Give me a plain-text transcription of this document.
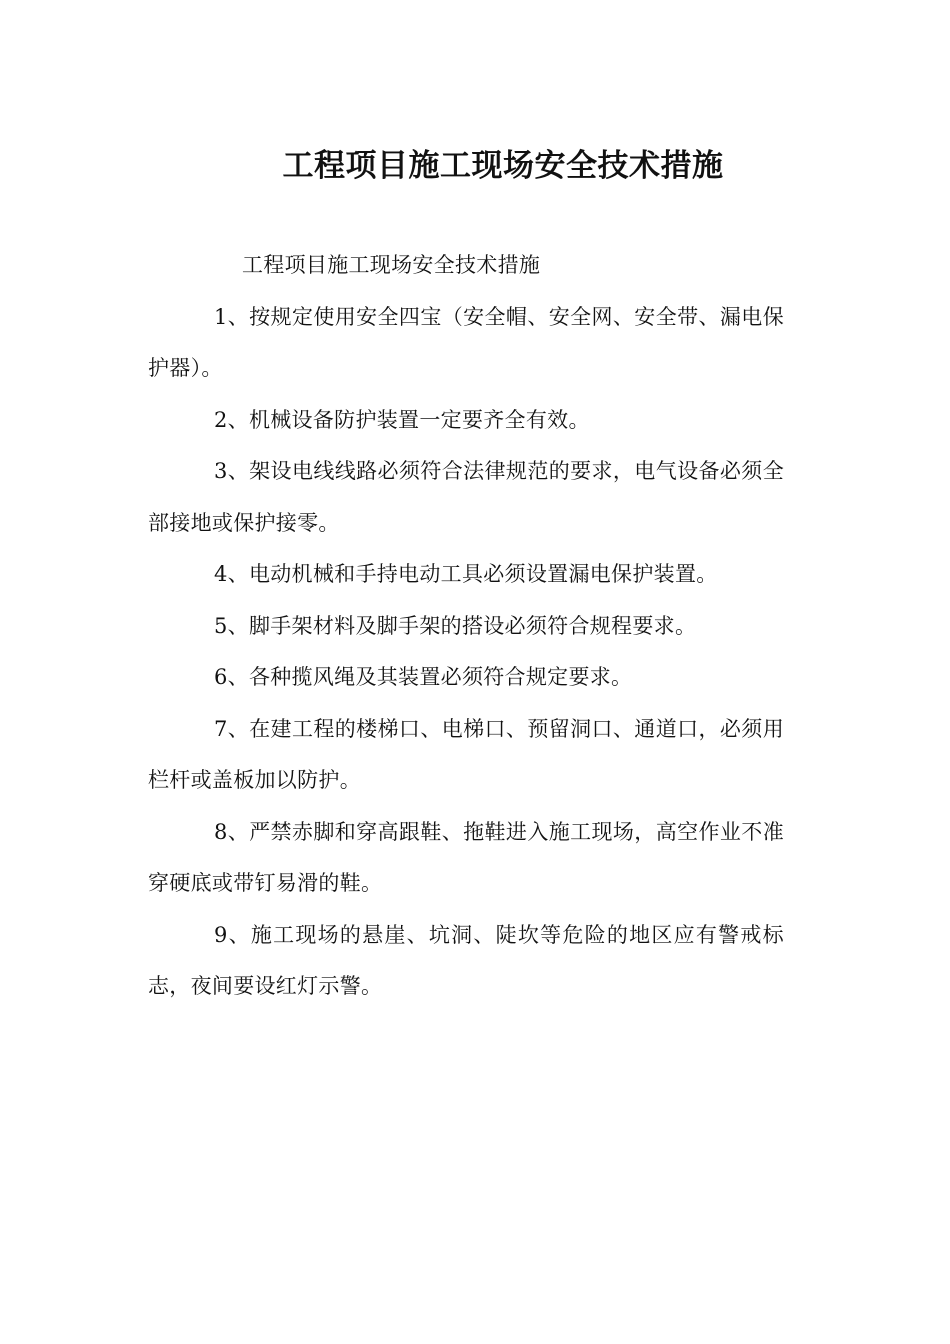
工程项目施工现场安全技术措施

工程项目施工现场安全技术措施

1、按规定使用安全四宝（安全帽、安全网、安全带、漏电保护器）。

2、机械设备防护装置一定要齐全有效。

3、架设电线线路必须符合法律规范的要求，电气设备必须全部接地或保护接零。

4、电动机械和手持电动工具必须设置漏电保护装置。

5、脚手架材料及脚手架的搭设必须符合规程要求。

6、各种揽风绳及其装置必须符合规定要求。

7、在建工程的楼梯口、电梯口、预留洞口、通道口，必须用栏杆或盖板加以防护。

8、严禁赤脚和穿高跟鞋、拖鞋进入施工现场，高空作业不准穿硬底或带钉易滑的鞋。

9、施工现场的悬崖、坑洞、陡坎等危险的地区应有警戒标志，夜间要设红灯示警。
